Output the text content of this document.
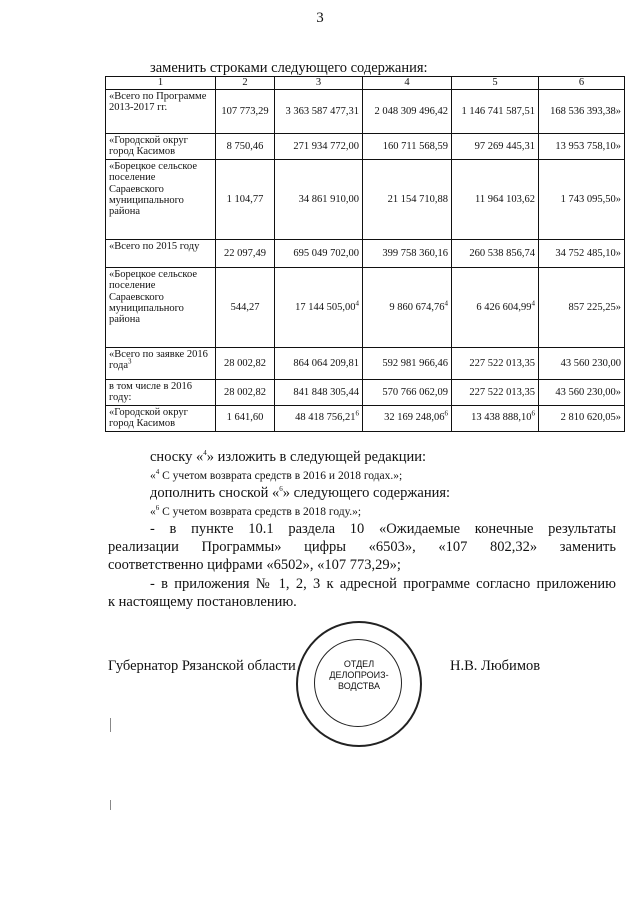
3
заменить строками следующего содержания:
1	2	3	4	5	6
«Всего по Программе 2013-2017 гг.	107 773,29	3 363 587 477,31	2 048 309 496,42	1 146 741 587,51	168 536 393,38»
«Городской округ город Касимов	8 750,46	271 934 772,00	160 711 568,59	97 269 445,31	13 953 758,10»
«Борецкое сельское поселение Сараевского муниципального района	1 104,77	34 861 910,00	21 154 710,88	11 964 103,62	1 743 095,50»
«Всего по 2015 году	22 097,49	695 049 702,00	399 758 360,16	260 538 856,74	34 752 485,10»
«Борецкое сельское поселение Сараевского муниципального района	544,27	17 144 505,00$^4$	9 860 674,76$^4$	6 426 604,99$^4$	857 225,25»
«Всего по заявке 2016 года$^3$	28 002,82	864 064 209,81	592 981 966,46	227 522 013,35	43 560 230,00
в том числе в 2016 году:	28 002,82	841 848 305,44	570 766 062,09	227 522 013,35	43 560 230,00»
«Городской округ город Касимов	1 641,60	48 418 756,21$^6$	32 169 248,06$^6$	13 438 888,10$^6$	2 810 620,05»
сноску «$^4$» изложить в следующей редакции:
«$^4$ С учетом возврата средств в 2016 и 2018 годах.»;
дополнить сноской «$^6$» следующего содержания:
«$^6$ С учетом возврата средств в 2018 году.»;
- в пункте 10.1 раздела 10 «Ожидаемые конечные результаты
реализации Программы» цифры «6503», «107 802,32» заменить
соответственно цифрами «6502», «107 773,29»;
- в приложения № 1, 2, 3 к адресной программе согласно приложению
к настоящему постановлению.
Губернатор Рязанской области	Н.В. Любимов
ОТДЕЛ
ДЕЛОПРОИЗ-
ВОДСТВА
